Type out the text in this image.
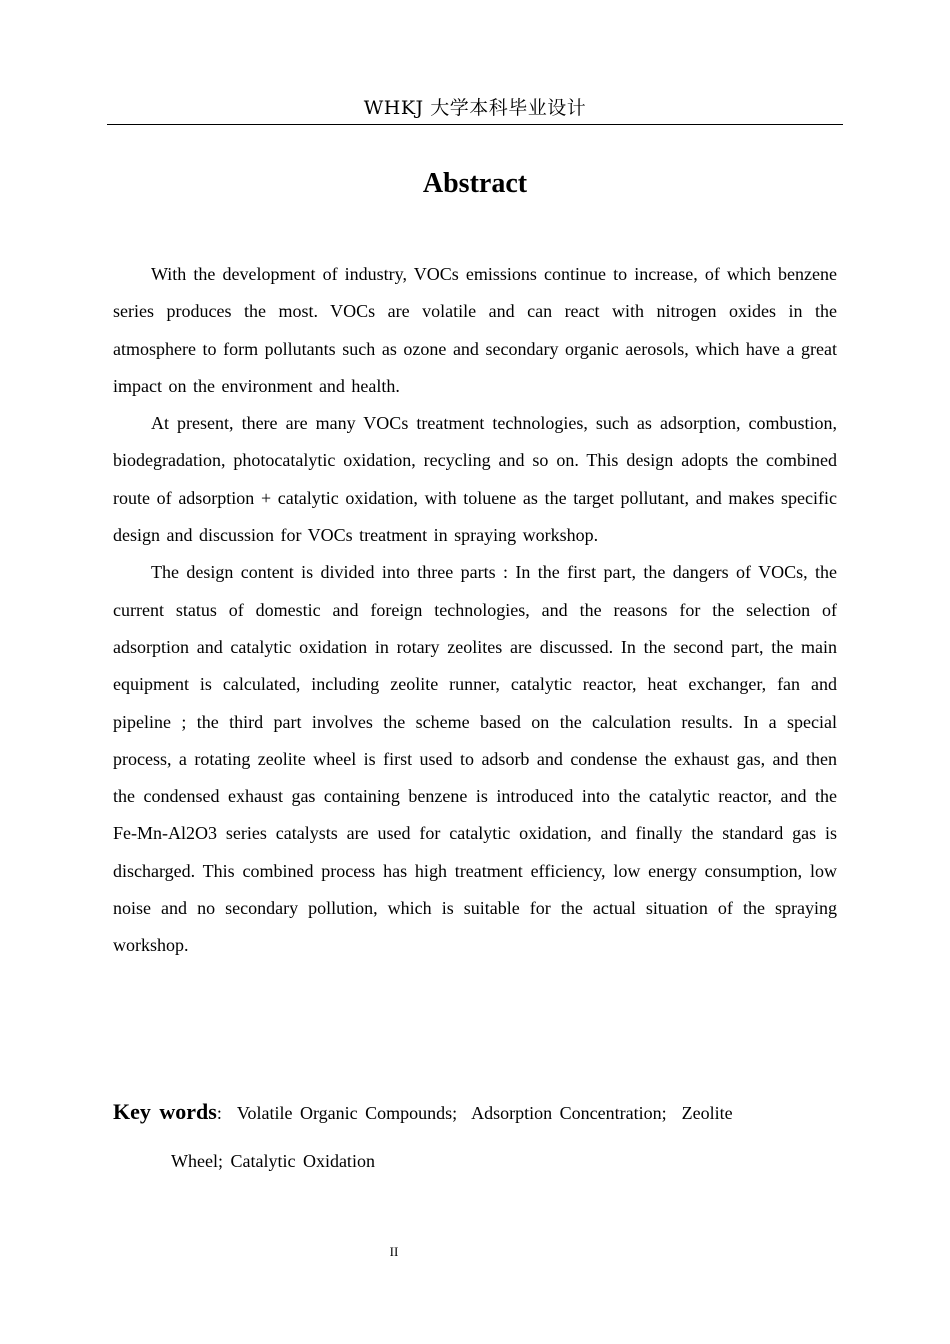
WHKJ 大学本科毕业设计
Abstract

With the development of industry, VOCs emissions continue to increase, of which benzene series produces the most. VOCs are volatile and can react with nitrogen oxides in the atmosphere to form pollutants such as ozone and secondary organic aerosols, which have a great impact on the environment and health.

At present, there are many VOCs treatment technologies, such as adsorption, combustion, biodegradation, photocatalytic oxidation, recycling and so on. This design adopts the combined route of adsorption + catalytic oxidation, with toluene as the target pollutant, and makes specific design and discussion for VOCs treatment in spraying workshop.

The design content is divided into three parts : In the first part, the dangers of VOCs, the current status of domestic and foreign technologies, and the reasons for the selection of adsorption and catalytic oxidation in rotary zeolites are discussed. In the second part, the main equipment is calculated, including zeolite runner, catalytic reactor, heat exchanger, fan and pipeline ; the third part involves the scheme based on the calculation results. In a special process, a rotating zeolite wheel is first used to adsorb and condense the exhaust gas, and then the condensed exhaust gas containing benzene is introduced into the catalytic reactor, and the Fe-Mn-Al2O3 series catalysts are used for catalytic oxidation, and finally the standard gas is discharged. This combined process has high treatment efficiency, low energy consumption, low noise and no secondary pollution, which is suitable for the actual situation of the spraying workshop.

Key words: Volatile Organic Compounds;  Adsorption Concentration;  Zeolite
Wheel; Catalytic Oxidation
II
